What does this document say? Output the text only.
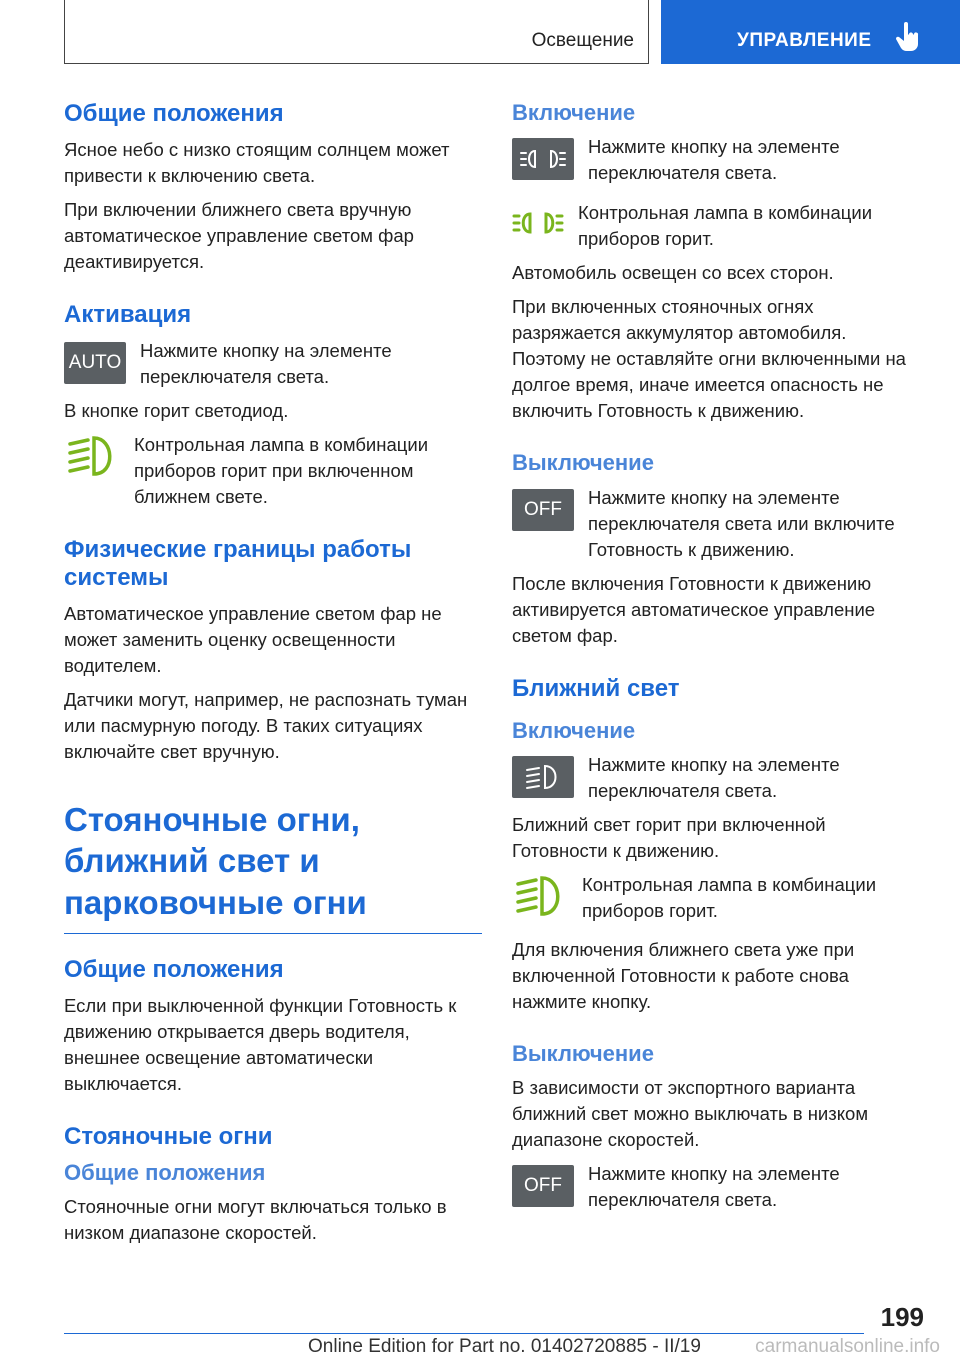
Освещение	УПРАВЛЕНИЕ
Общие положения

Ясное небо с низко стоящим солнцем может привести к включению света.

При включении ближнего света вручную автоматическое управление светом фар деактивируется.

Активация
AUTO

Нажмите кнопку на элементе переключателя света.

В кнопке горит светодиод.

Контрольная лампа в комбинации приборов горит при включенном ближнем свете.

Физические границы работы системы

Автоматическое управление светом фар не может заменить оценку освещенности водителем.

Датчики могут, например, не распознать туман или пасмурную погоду. В таких ситуациях включайте свет вручную.

Стояночные огни, ближний свет и парковочные огни
Общие положения

Если при выключенной функции Готовность к движению открывается дверь водителя, внешнее освещение автоматически выключается.

Стояночные огни
Общие положения

Стояночные огни могут включаться только в низком диапазоне скоростей.

Включение

Нажмите кнопку на элементе переключателя света.

Контрольная лампа в комбинации приборов горит.

Автомобиль освещен со всех сторон.

При включенных стояночных огнях разряжается аккумулятор автомобиля. Поэтому не оставляйте огни включенными на долгое время, иначе имеется опасность не включить Готовность к движению.

Выключение
OFF

Нажмите кнопку на элементе переключателя света или включите Готовность к движению.

После включения Готовности к движению активируется автоматическое управление светом фар.

Ближний свет
Включение

Нажмите кнопку на элементе переключателя света.

Ближний свет горит при включенной Готовности к движению.

Контрольная лампа в комбинации приборов горит.

Для включения ближнего света уже при включенной Готовности к работе снова нажмите кнопку.

Выключение

В зависимости от экспортного варианта ближний свет можно выключать в низком диапазоне скоростей.

OFF

Нажмите кнопку на элементе переключателя света.

199
Online Edition for Part no. 01402720885 - II/19	carmanualsonline.info
